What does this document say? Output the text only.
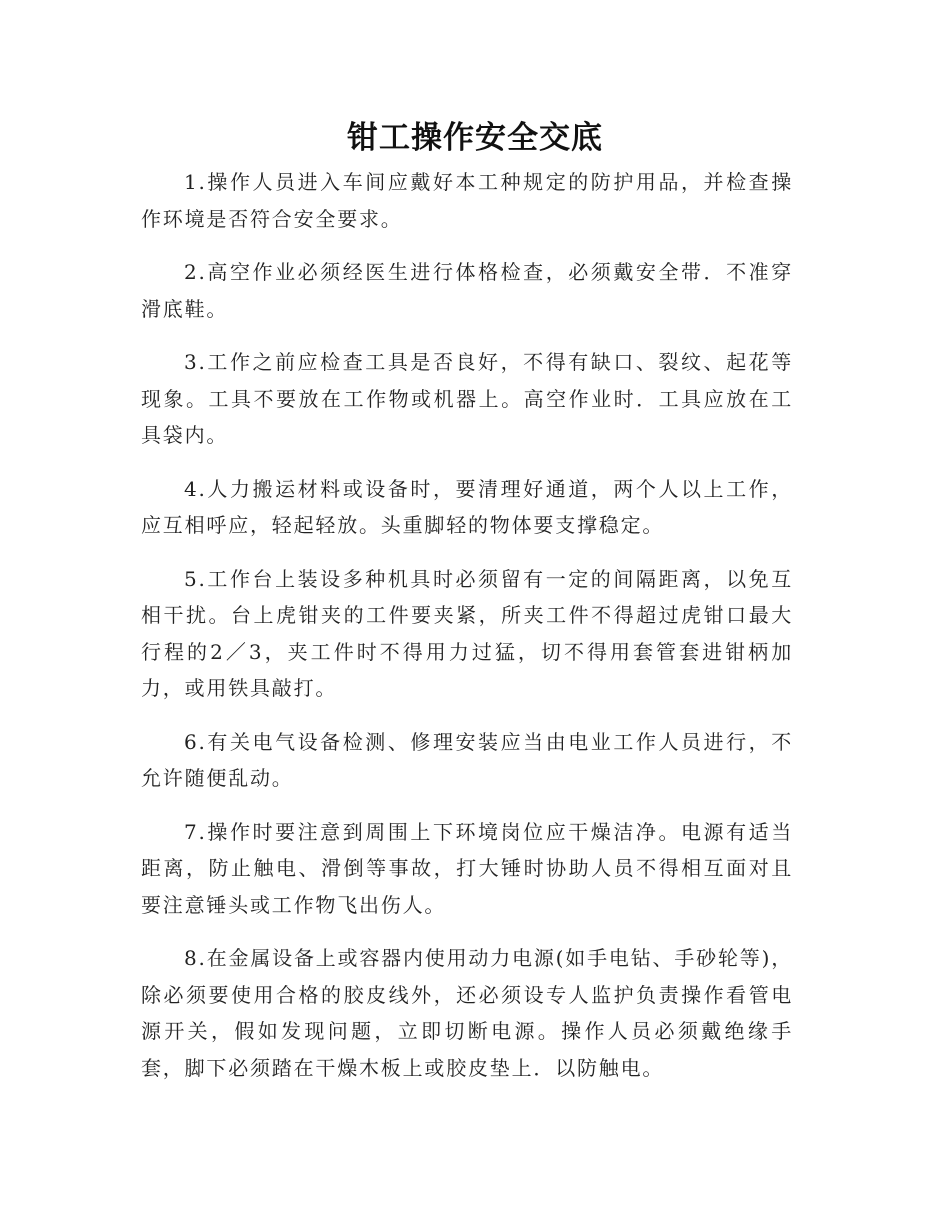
钳工操作安全交底

1.操作人员进入车间应戴好本工种规定的防护用品，并检查操作环境是否符合安全要求。

2.高空作业必须经医生进行体格检查，必须戴安全带．不准穿滑底鞋。

3.工作之前应检查工具是否良好，不得有缺口、裂纹、起花等现象。工具不要放在工作物或机器上。高空作业时．工具应放在工具袋内。

4.人力搬运材料或设备时，要清理好通道，两个人以上工作，应互相呼应，轻起轻放。头重脚轻的物体要支撑稳定。

5.工作台上装设多种机具时必须留有一定的间隔距离，以免互相干扰。台上虎钳夹的工件要夹紧，所夹工件不得超过虎钳口最大行程的2／3，夹工件时不得用力过猛，切不得用套管套进钳柄加力，或用铁具敲打。

6.有关电气设备检测、修理安装应当由电业工作人员进行，不允许随便乱动。

7.操作时要注意到周围上下环境岗位应干燥洁净。电源有适当距离，防止触电、滑倒等事故，打大锤时协助人员不得相互面对且要注意锤头或工作物飞出伤人。

8.在金属设备上或容器内使用动力电源(如手电钻、手砂轮等)，除必须要使用合格的胶皮线外，还必须设专人监护负责操作看管电源开关，假如发现问题，立即切断电源。操作人员必须戴绝缘手套，脚下必须踏在干燥木板上或胶皮垫上．以防触电。
